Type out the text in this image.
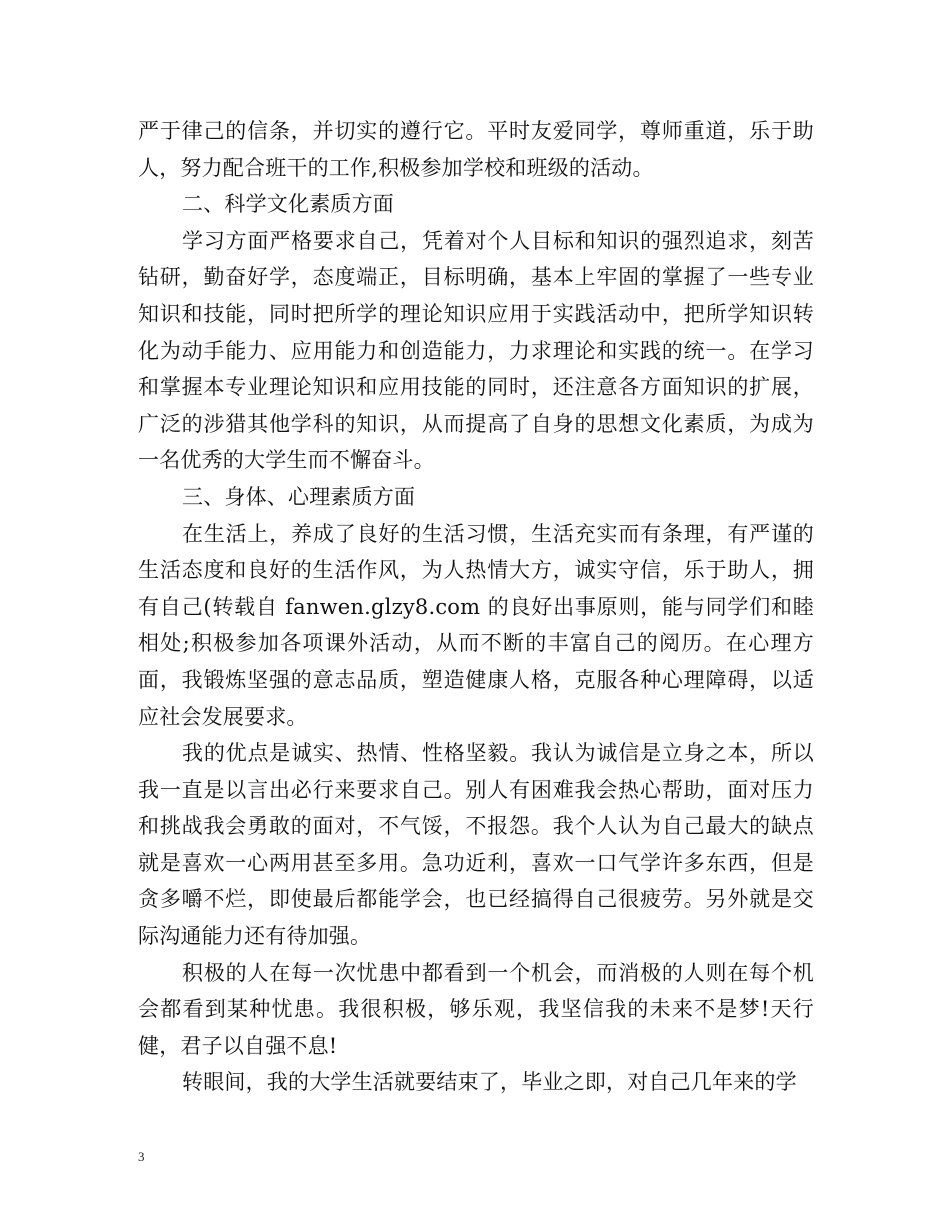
严于律己的信条，并切实的遵行它。平时友爱同学，尊师重道，乐于助人，努力配合班干的工作,积极参加学校和班级的活动。

二、科学文化素质方面

学习方面严格要求自己，凭着对个人目标和知识的强烈追求，刻苦钻研，勤奋好学，态度端正，目标明确，基本上牢固的掌握了一些专业知识和技能，同时把所学的理论知识应用于实践活动中，把所学知识转化为动手能力、应用能力和创造能力，力求理论和实践的统一。在学习和掌握本专业理论知识和应用技能的同时，还注意各方面知识的扩展，广泛的涉猎其他学科的知识，从而提高了自身的思想文化素质，为成为一名优秀的大学生而不懈奋斗。

三、身体、心理素质方面

在生活上，养成了良好的生活习惯，生活充实而有条理，有严谨的生活态度和良好的生活作风，为人热情大方，诚实守信，乐于助人，拥有自己(转载自 fanwen.glzy8.com 的良好出事原则，能与同学们和睦相处;积极参加各项课外活动，从而不断的丰富自己的阅历。在心理方面，我锻炼坚强的意志品质，塑造健康人格，克服各种心理障碍，以适应社会发展要求。

我的优点是诚实、热情、性格坚毅。我认为诚信是立身之本，所以我一直是以言出必行来要求自己。别人有困难我会热心帮助，面对压力和挑战我会勇敢的面对，不气馁，不报怨。我个人认为自己最大的缺点就是喜欢一心两用甚至多用。急功近利，喜欢一口气学许多东西，但是贪多嚼不烂，即使最后都能学会，也已经搞得自己很疲劳。另外就是交际沟通能力还有待加强。

积极的人在每一次忧患中都看到一个机会，而消极的人则在每个机会都看到某种忧患。我很积极，够乐观，我坚信我的未来不是梦!天行健，君子以自强不息!

转眼间，我的大学生活就要结束了，毕业之即，对自己几年来的学

3
